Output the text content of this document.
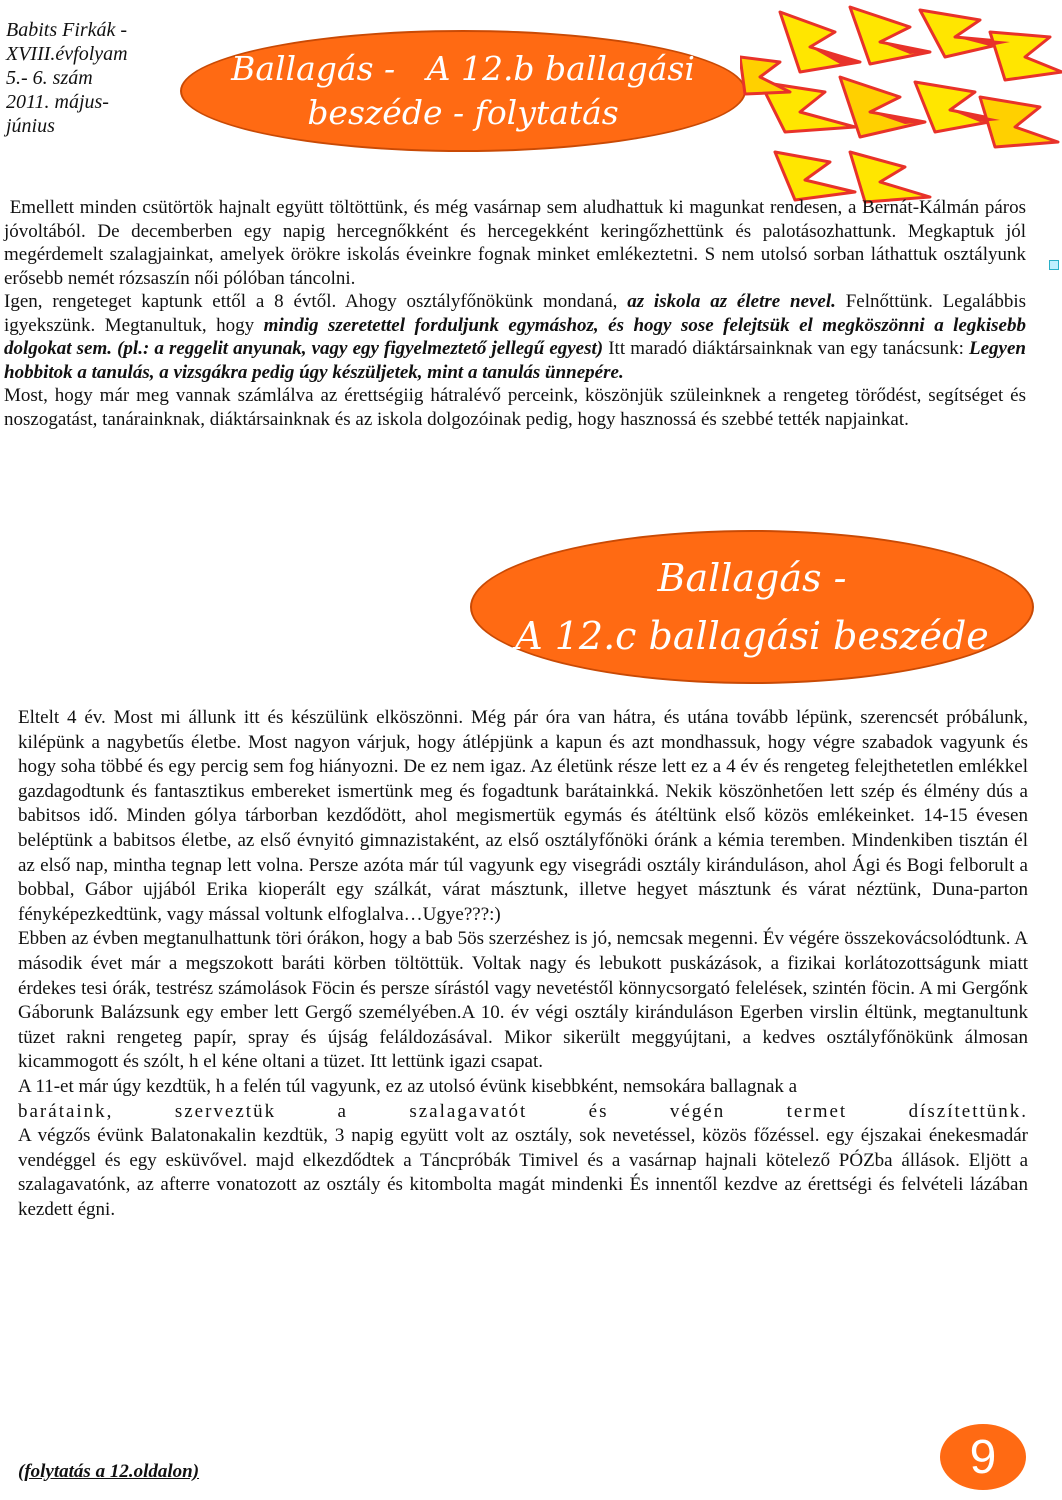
Babits Firkák -
XVIII.évfolyam
5.- 6. szám
2011. május-
június
Ballagás -   A 12.b ballagási
beszéde - folytatás

Emellett minden csütörtök hajnalt együtt töltöttünk, és még vasárnap sem aludhattuk ki magunkat rendesen, a Bernát-Kálmán páros jóvoltából. De decemberben egy napig hercegnőkként és hercegekként keringőzhettünk és palotásozhattunk. Megkaptuk jól megérdemelt szalagjainkat, amelyek örökre iskolás éveinkre fognak minket emlékeztetni. S nem utolsó sorban láthattuk osztályunk erősebb nemét rózsaszín női pólóban táncolni.

Igen, rengeteget kaptunk ettől a 8 évtől. Ahogy osztályfőnökünk mondaná, az iskola az életre nevel. Felnőttünk. Legalábbis igyekszünk. Megtanultuk, hogy mindig szeretettel forduljunk egymáshoz, és hogy sose felejtsük el megköszönni a legkisebb dolgokat sem. (pl.: a reggelit anyunak, vagy egy figyelmeztető jellegű egyest) Itt maradó diáktársainknak van egy tanácsunk: Legyen hobbitok a tanulás, a vizsgákra pedig úgy készüljetek, mint a tanulás ünnepére.

Most, hogy már meg vannak számlálva az érettségiig hátralévő perceink, köszönjük szüleinknek a rengeteg törődést, segítséget és noszogatást, tanárainknak, diáktársainknak és az iskola dolgozóinak pedig, hogy hasznossá és szebbé tették napjainkat.

Ballagás -
A 12.c ballagási beszéde

Eltelt 4 év. Most mi állunk itt és készülünk elköszönni. Még pár óra van hátra, és utána tovább lépünk, szerencsét próbálunk, kilépünk a nagybetűs életbe. Most nagyon várjuk, hogy átlépjünk a kapun és azt mondhassuk, hogy végre szabadok vagyunk és hogy soha többé és egy percig sem fog hiányozni. De ez nem igaz. Az életünk része lett ez a 4 év és rengeteg felejthetetlen emlékkel gazdagodtunk és fantasztikus embereket ismertünk meg és fogadtunk barátainkká. Nekik köszönhetően lett szép és élmény dús a babitsos idő. Minden gólya tárborban kezdődött, ahol megismertük egymás és átéltünk első közös emlékeinket. 14-15 évesen beléptünk a babitsos életbe, az első évnyitó gimnazistaként, az első osztályfőnöki óránk a kémia teremben. Mindenkiben tisztán él az első nap, mintha tegnap lett volna. Persze azóta már túl vagyunk egy visegrádi osztály kiránduláson, ahol Ági és Bogi felborult a bobbal, Gábor ujjából Erika kioperált egy szálkát, várat másztunk, illetve hegyet másztunk és várat néztünk, Duna-parton fényképezkedtünk, vagy mással voltunk elfoglalva…Ugye???:)

Ebben az évben megtanulhattunk töri órákon, hogy a bab 5ös szerzéshez is jó, nemcsak megenni. Év végére összekovácsolódtunk. A második évet már a megszokott baráti körben töltöttük. Voltak nagy és lebukott puskázások, a fizikai korlátozottságunk miatt érdekes tesi órák, testrész számolások Föcin és persze sírástól vagy nevetéstől könnycsorgató felelések, szintén föcin. A mi Gergőnk Gáborunk Balázsunk egy ember lett Gergő személyében.A 10. év végi osztály kiránduláson Egerben virslin éltünk, megtanultunk tüzet rakni rengeteg papír, spray és újság feláldozásával. Mikor sikerült meggyújtani, a kedves osztályfőnökünk álmosan kicammogott és szólt, h el kéne oltani a tüzet. Itt lettünk igazi csapat.

A 11-et már úgy kezdtük, h a felén túl vagyunk, ez az utolsó évünk kisebbként, nemsokára ballagnak a

barátaink, szerveztük a szalagavatót és végén termet díszítettünk.

A végzős évünk Balatonakalin kezdtük, 3 napig együtt volt az osztály, sok nevetéssel, közös főzéssel. egy éjszakai énekesmadár vendéggel és egy esküvővel. majd elkezdődtek a Táncpróbák Timivel és a vasárnap hajnali kötelező PÓZba állások. Eljött a szalagavatónk, az afterre vonatozott az osztály és kitombolta magát mindenki És innentől kezdve az érettségi és felvételi lázában kezdett égni.

(folytatás a 12.oldalon)	9
